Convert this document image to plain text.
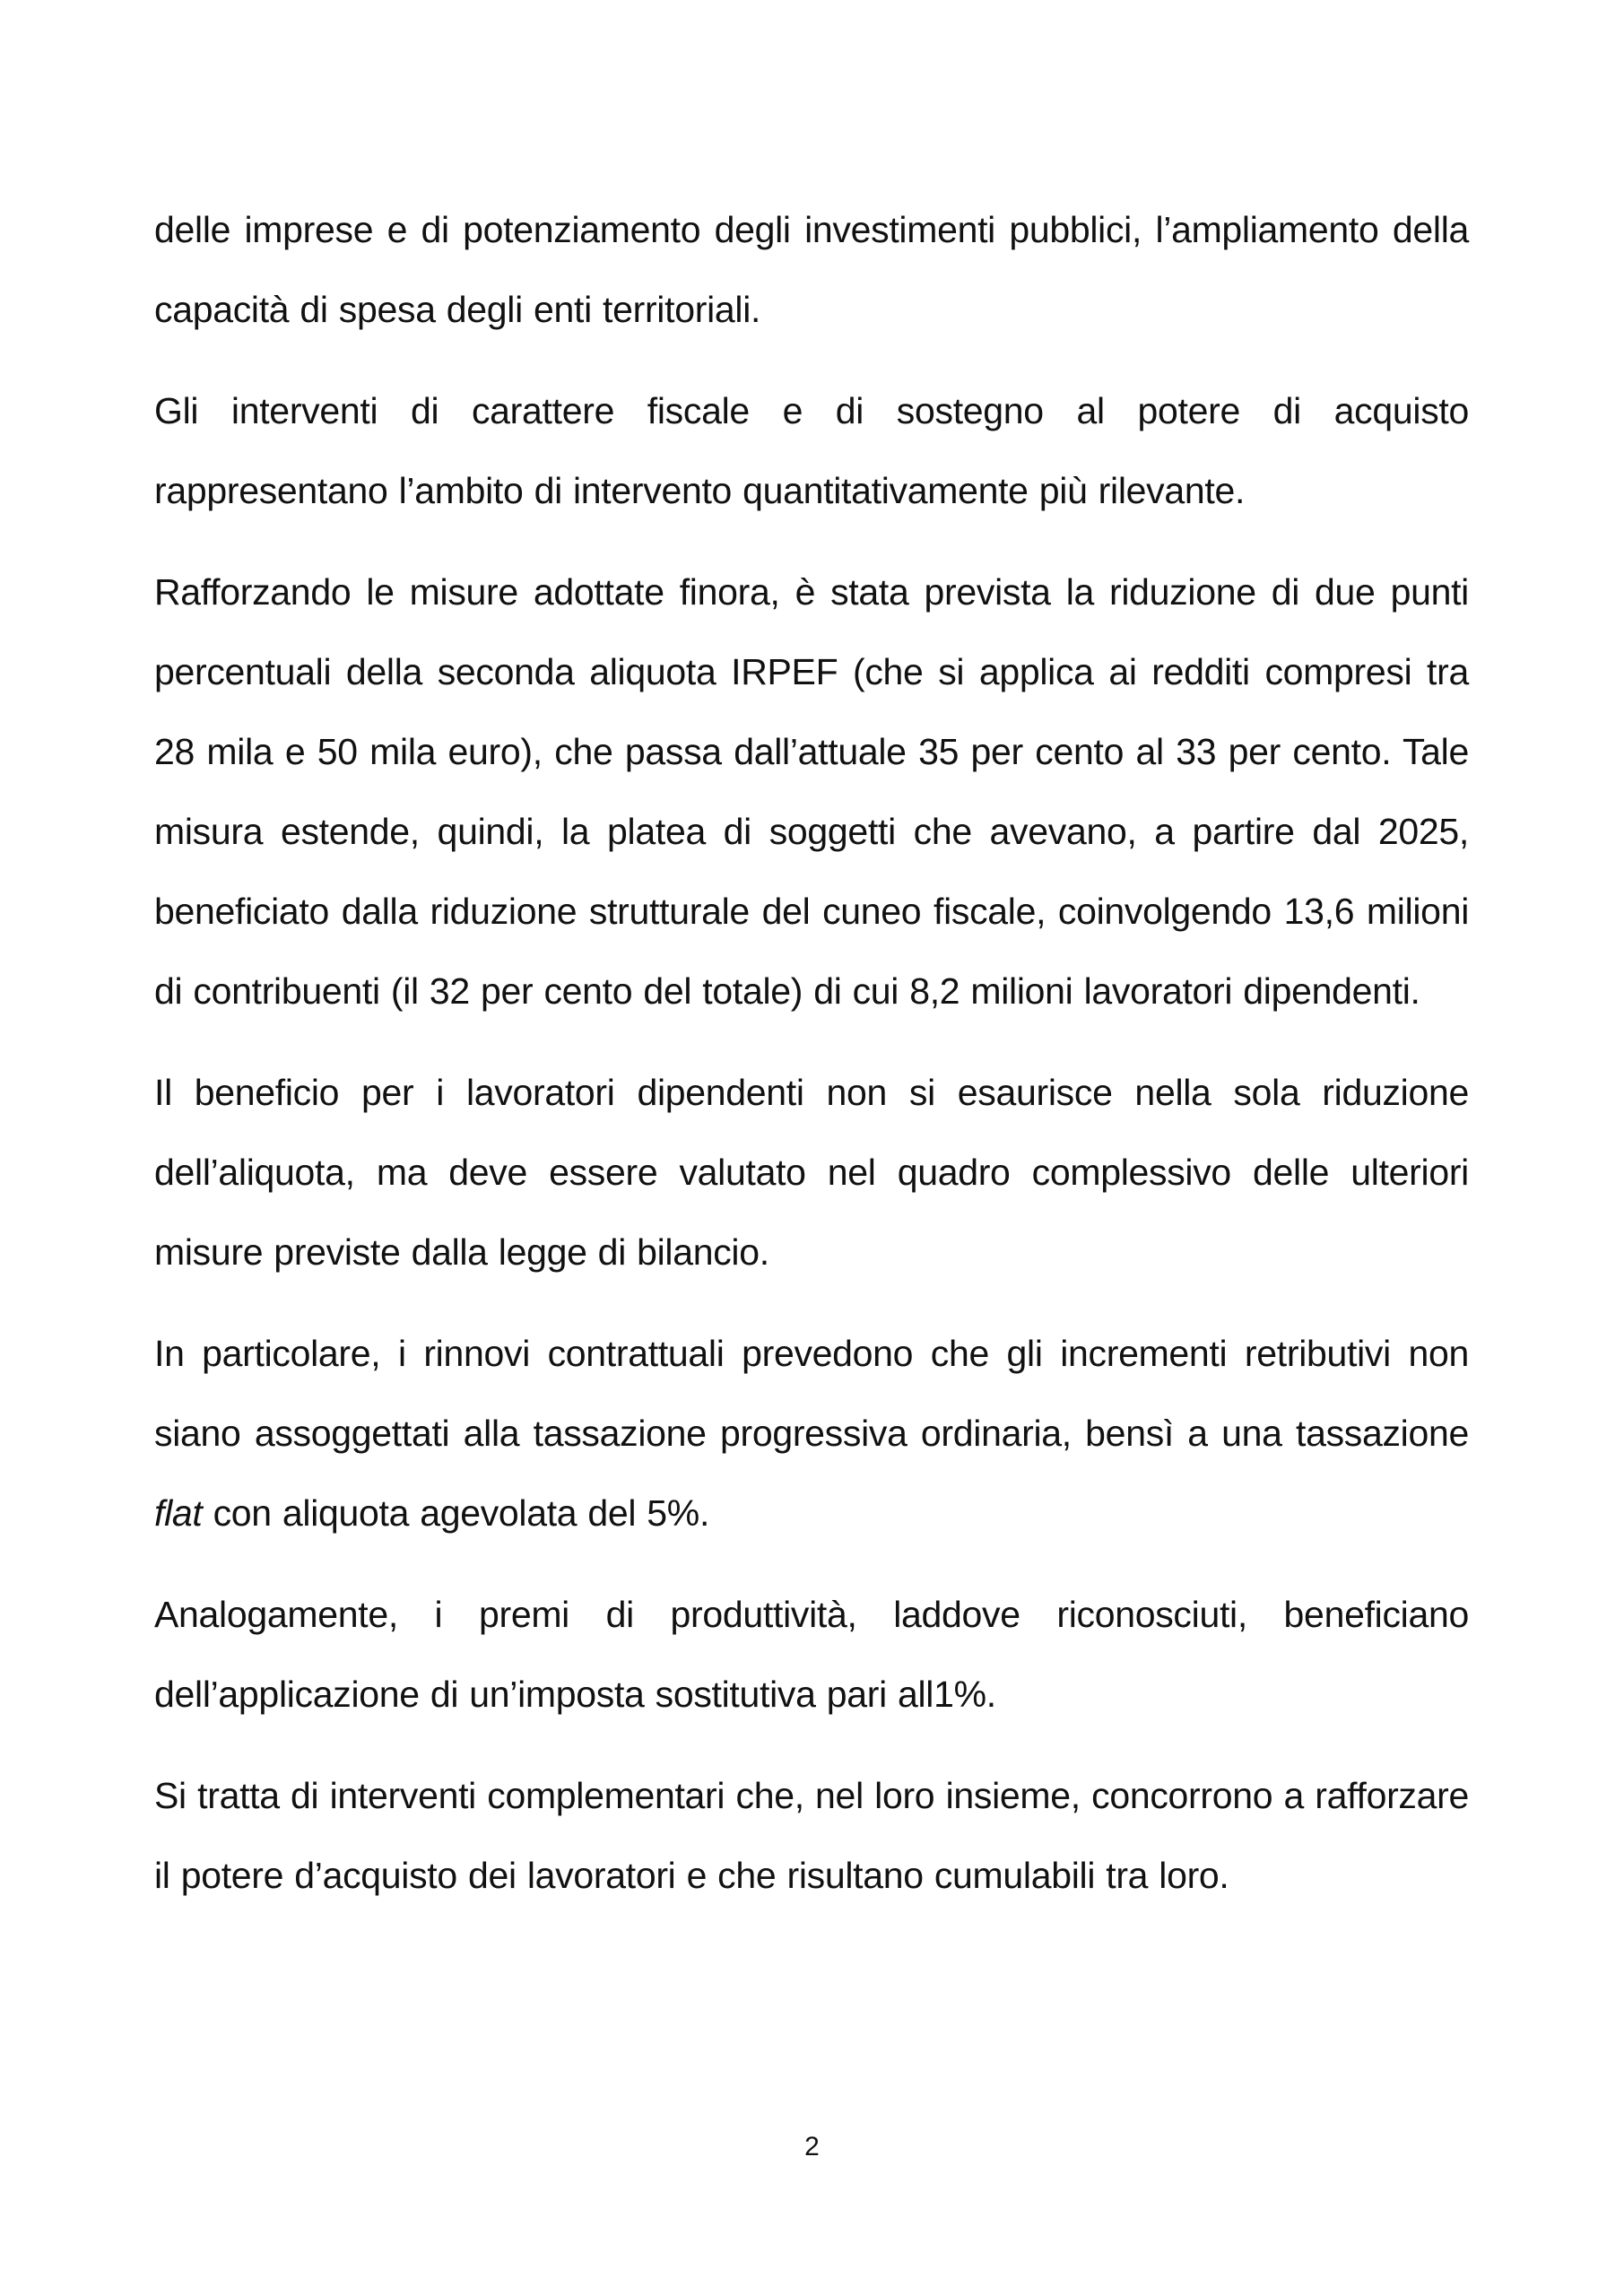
delle imprese e di potenziamento degli investimenti pubblici, l’ampliamento della capacità di spesa degli enti territoriali.

Gli interventi di carattere fiscale e di sostegno al potere di acquisto rappresentano l’ambito di intervento quantitativamente più rilevante.

Rafforzando le misure adottate finora, è stata prevista la riduzione di due punti percentuali della seconda aliquota IRPEF (che si applica ai redditi compresi tra 28 mila e 50 mila euro), che passa dall’attuale 35 per cento al 33 per cento. Tale misura estende, quindi, la platea di soggetti che avevano, a partire dal 2025, beneficiato dalla riduzione strutturale del cuneo fiscale, coinvolgendo 13,6 milioni di contribuenti (il 32 per cento del totale) di cui 8,2 milioni lavoratori dipendenti.

Il beneficio per i lavoratori dipendenti non si esaurisce nella sola riduzione dell’aliquota, ma deve essere valutato nel quadro complessivo delle ulteriori misure previste dalla legge di bilancio.

In particolare, i rinnovi contrattuali prevedono che gli incrementi retributivi non siano assoggettati alla tassazione progressiva ordinaria, bensì a una tassazione flat con aliquota agevolata del 5%.

Analogamente, i premi di produttività, laddove riconosciuti, beneficiano dell’applicazione di un’imposta sostitutiva pari all1%.

Si tratta di interventi complementari che, nel loro insieme, concorrono a rafforzare il potere d’acquisto dei lavoratori e che risultano cumulabili tra loro.

2
